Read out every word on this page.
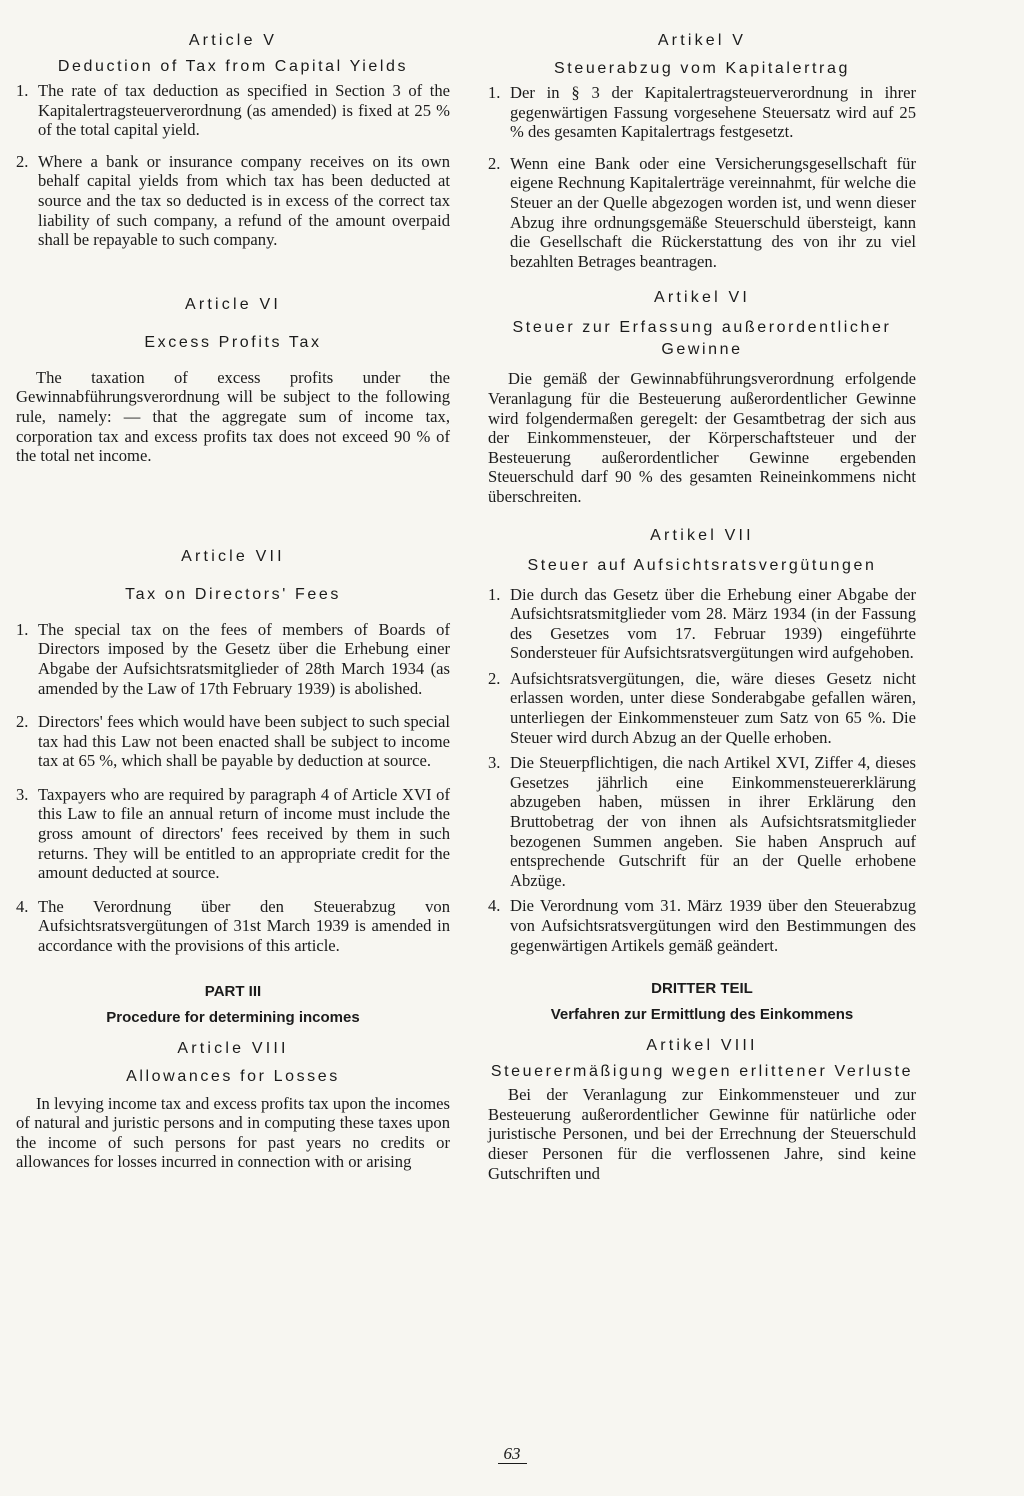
Article V

Deduction of Tax from Capital Yields

1. The rate of tax deduction as specified in Section 3 of the Kapitalertragsteuerverordnung (as amended) is fixed at 25 % of the total capital yield.

2. Where a bank or insurance company receives on its own behalf capital yields from which tax has been deducted at source and the tax so deducted is in excess of the correct tax liability of such company, a refund of the amount overpaid shall be repayable to such company.

Article VI

Excess Profits Tax

The taxation of excess profits under the Gewinnabführungsverordnung will be subject to the following rule, namely: — that the aggregate sum of income tax, corporation tax and excess profits tax does not exceed 90 % of the total net income.

Article VII

Tax on Directors' Fees

1. The special tax on the fees of members of Boards of Directors imposed by the Gesetz über die Erhebung einer Abgabe der Aufsichtsratsmitglieder of 28th March 1934 (as amended by the Law of 17th February 1939) is abolished.

2. Directors' fees which would have been subject to such special tax had this Law not been enacted shall be subject to income tax at 65 %, which shall be payable by deduction at source.

3. Taxpayers who are required by paragraph 4 of Article XVI of this Law to file an annual return of income must include the gross amount of directors' fees received by them in such returns. They will be entitled to an appropriate credit for the amount deducted at source.

4. The Verordnung über den Steuerabzug von Aufsichtsratsvergütungen of 31st March 1939 is amended in accordance with the provisions of this article.

PART III

Procedure for determining incomes

Article VIII

Allowances for Losses

In levying income tax and excess profits tax upon the incomes of natural and juristic persons and in computing these taxes upon the income of such persons for past years no credits or allowances for losses incurred in connection with or arising

Artikel V

Steuerabzug vom Kapitalertrag

1. Der in § 3 der Kapitalertragsteuerverordnung in ihrer gegenwärtigen Fassung vorgesehene Steuersatz wird auf 25 % des gesamten Kapitalertrags festgesetzt.

2. Wenn eine Bank oder eine Versicherungsgesellschaft für eigene Rechnung Kapitalerträge vereinnahmt, für welche die Steuer an der Quelle abgezogen worden ist, und wenn dieser Abzug ihre ordnungsgemäße Steuerschuld übersteigt, kann die Gesellschaft die Rückerstattung des von ihr zu viel bezahlten Betrages beantragen.

Artikel VI

Steuer zur Erfassung außerordentlicher Gewinne

Die gemäß der Gewinnabführungsverordnung erfolgende Veranlagung für die Besteuerung außerordentlicher Gewinne wird folgendermaßen geregelt: der Gesamtbetrag der sich aus der Einkommensteuer, der Körperschaftsteuer und der Besteuerung außerordentlicher Gewinne ergebenden Steuerschuld darf 90 % des gesamten Reineinkommens nicht überschreiten.

Artikel VII

Steuer auf Aufsichtsratsvergütungen

1. Die durch das Gesetz über die Erhebung einer Abgabe der Aufsichtsratsmitglieder vom 28. März 1934 (in der Fassung des Gesetzes vom 17. Februar 1939) eingeführte Sondersteuer für Aufsichtsratsvergütungen wird aufgehoben.

2. Aufsichtsratsvergütungen, die, wäre dieses Gesetz nicht erlassen worden, unter diese Sonderabgabe gefallen wären, unterliegen der Einkommensteuer zum Satz von 65 %. Die Steuer wird durch Abzug an der Quelle erhoben.

3. Die Steuerpflichtigen, die nach Artikel XVI, Ziffer 4, dieses Gesetzes jährlich eine Einkommensteuererklärung abzugeben haben, müssen in ihrer Erklärung den Bruttobetrag der von ihnen als Aufsichtsratsmitglieder bezogenen Summen angeben. Sie haben Anspruch auf entsprechende Gutschrift für an der Quelle erhobene Abzüge.

4. Die Verordnung vom 31. März 1939 über den Steuerabzug von Aufsichtsratsvergütungen wird den Bestimmungen des gegenwärtigen Artikels gemäß geändert.

DRITTER TEIL

Verfahren zur Ermittlung des Einkommens

Artikel VIII

Steuerermäßigung wegen erlittener Verluste

Bei der Veranlagung zur Einkommensteuer und zur Besteuerung außerordentlicher Gewinne für natürliche oder juristische Personen, und bei der Errechnung der Steuerschuld dieser Personen für die verflossenen Jahre, sind keine Gutschriften und

63
